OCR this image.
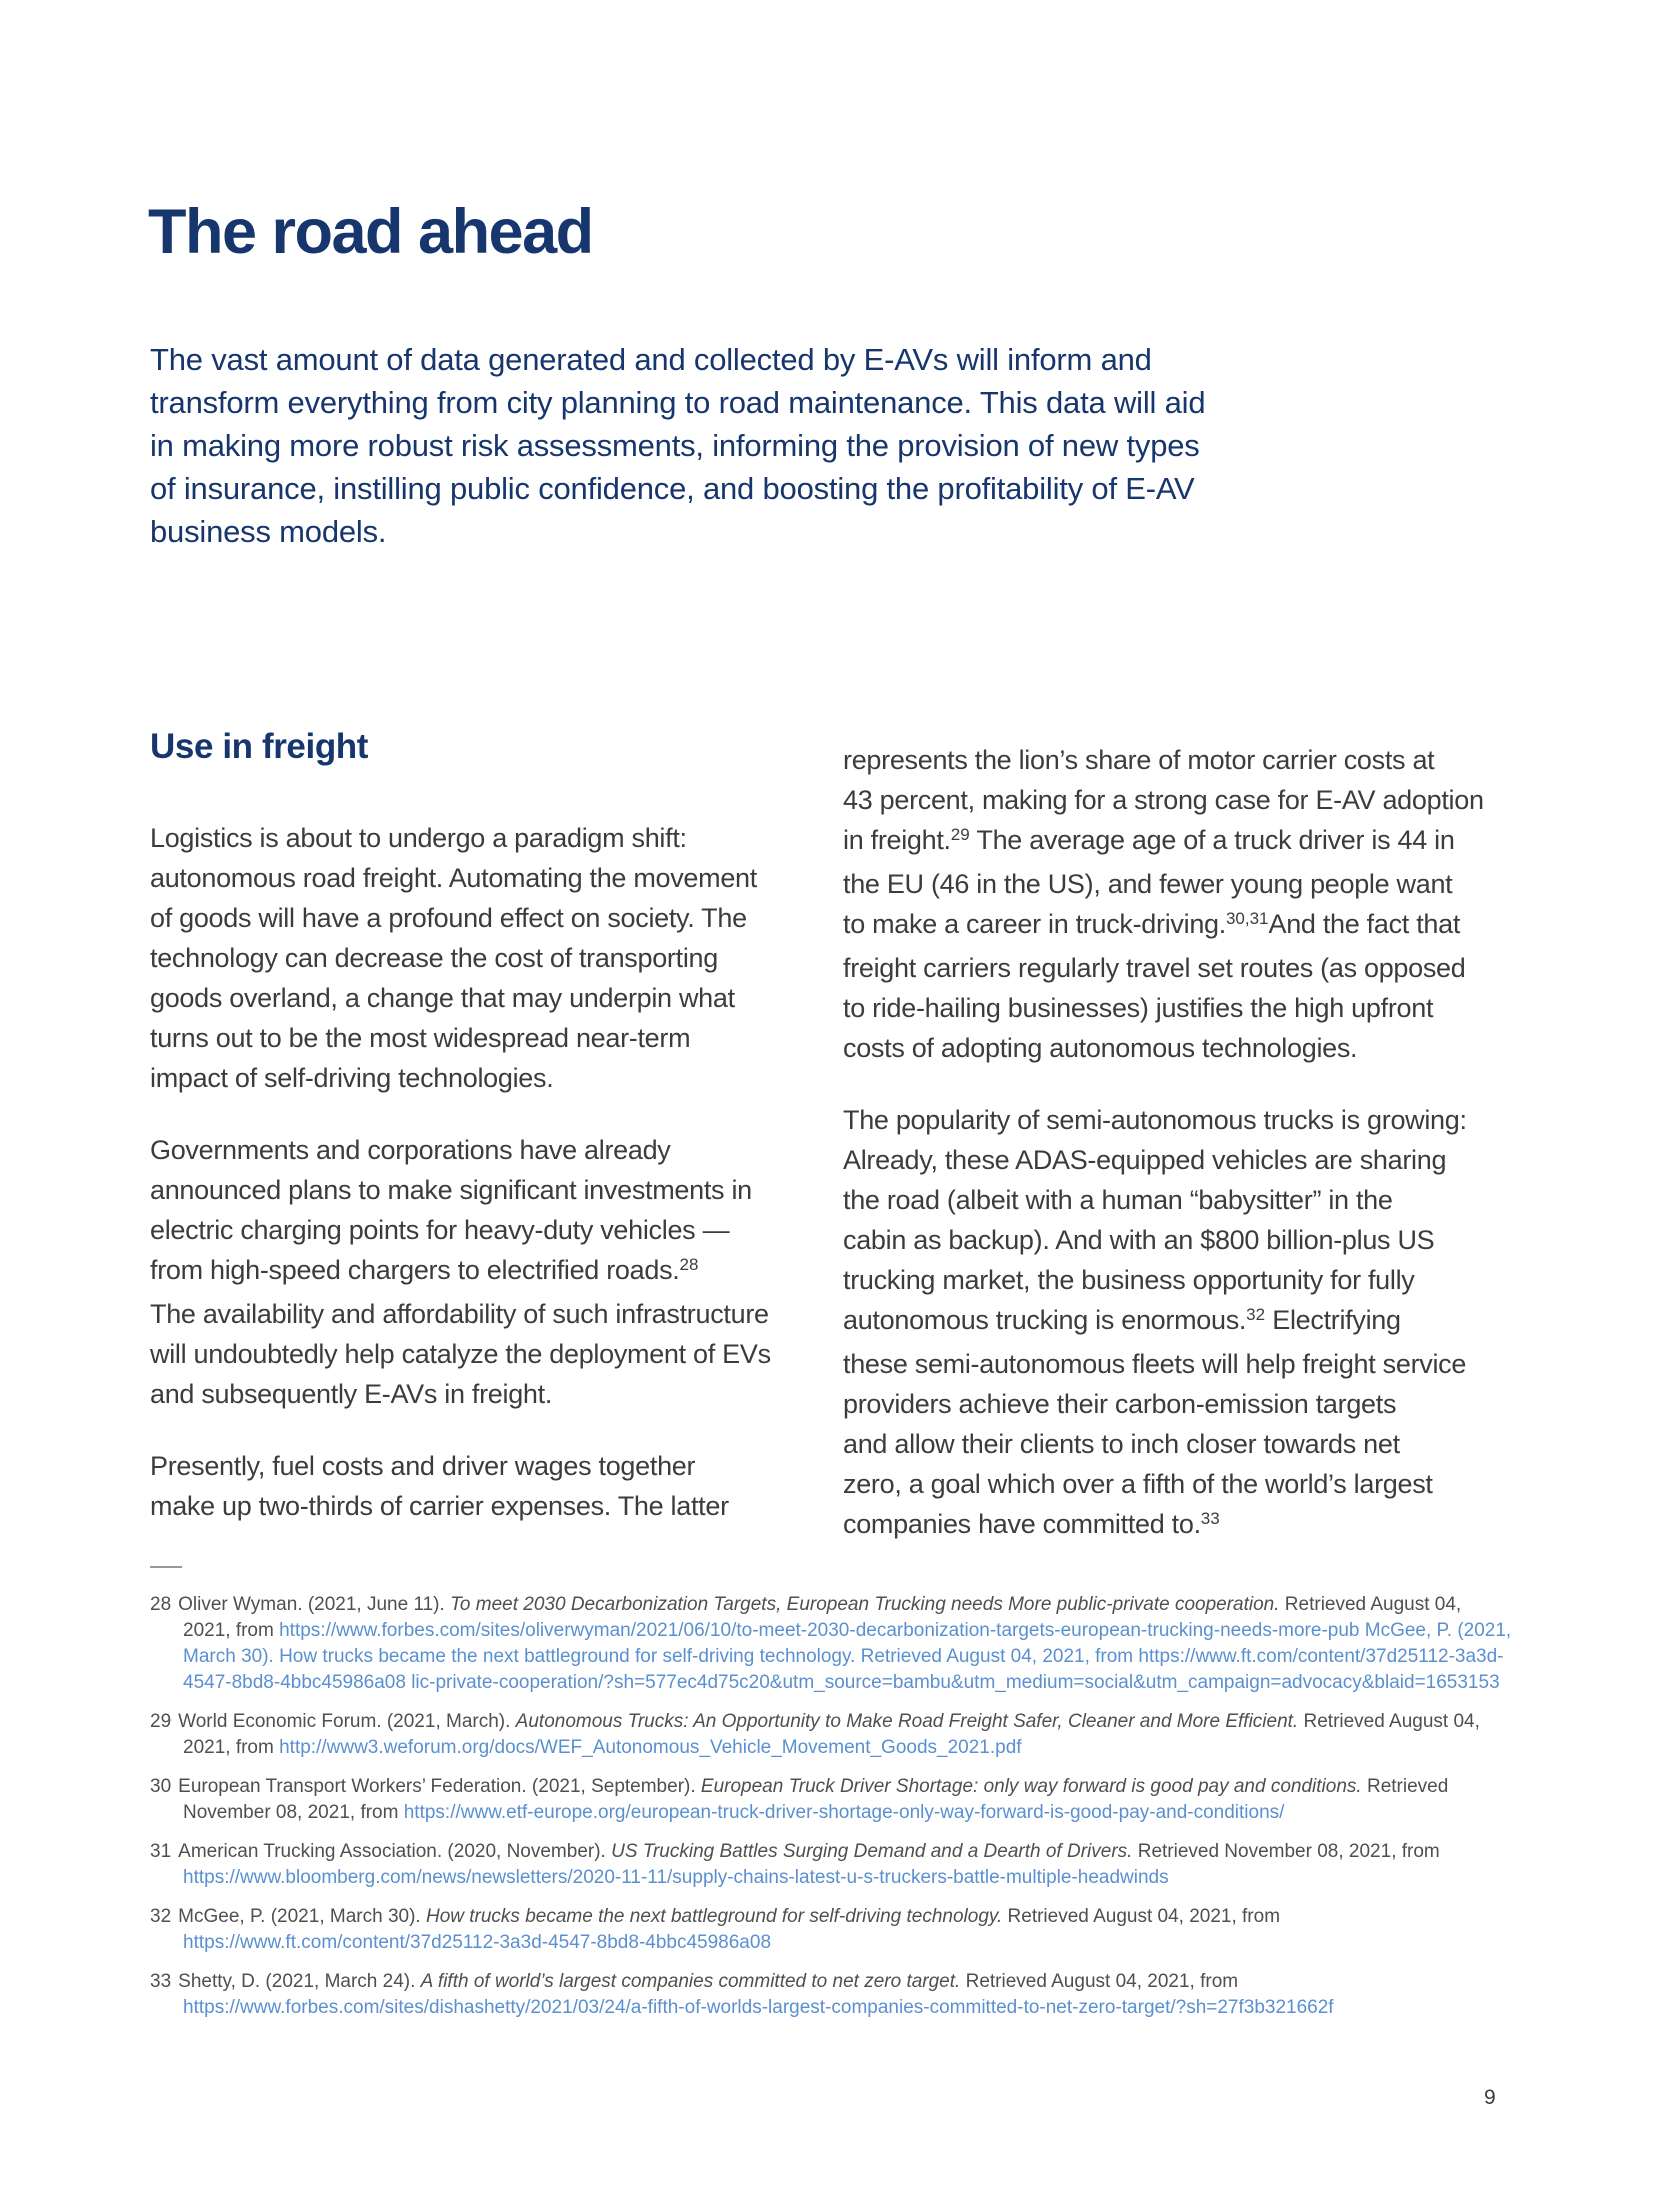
The road ahead
The vast amount of data generated and collected by E-AVs will inform and
transform everything from city planning to road maintenance. This data will aid
in making more robust risk assessments, informing the provision of new types
of insurance, instilling public confidence, and boosting the profitability of E-AV
business models.
Use in freight
Logistics is about to undergo a paradigm shift:
autonomous road freight. Automating the movement
of goods will have a profound effect on society. The
technology can decrease the cost of transporting
goods overland, a change that may underpin what
turns out to be the most widespread near-term
impact of self-driving technologies.
Governments and corporations have already
announced plans to make significant investments in
electric charging points for heavy-duty vehicles —
from high-speed chargers to electrified roads.$^{28}$
The availability and affordability of such infrastructure
will undoubtedly help catalyze the deployment of EVs
and subsequently E-AVs in freight.
Presently, fuel costs and driver wages together
make up two-thirds of carrier expenses. The latter
represents the lion’s share of motor carrier costs at
43 percent, making for a strong case for E-AV adoption
in freight.$^{29}$ The average age of a truck driver is 44 in
the EU (46 in the US), and fewer young people want
to make a career in truck-driving.$^{30,31}$And the fact that
freight carriers regularly travel set routes (as opposed
to ride-hailing businesses) justifies the high upfront
costs of adopting autonomous technologies.
The popularity of semi-autonomous trucks is growing:
Already, these ADAS-equipped vehicles are sharing
the road (albeit with a human “babysitter” in the
cabin as backup). And with an $800 billion-plus US
trucking market, the business opportunity for fully
autonomous trucking is enormous.$^{32}$ Electrifying
these semi-autonomous fleets will help freight service
providers achieve their carbon-emission targets
and allow their clients to inch closer towards net
zero, a goal which over a fifth of the world’s largest
companies have committed to.$^{33}$
28 Oliver Wyman. (2021, June 11). To meet 2030 Decarbonization Targets, European Trucking needs More public-private cooperation. Retrieved August 04, 2021, from https://www.forbes.com/sites/oliverwyman/2021/06/10/to-meet-2030-decarbonization-targets-european-trucking-needs-more-pub McGee, P. (2021, March 30). How trucks became the next battleground for self-driving technology. Retrieved August 04, 2021, from https://www.ft.com/content/37d25112-3a3d-4547-8bd8-4bbc45986a08 lic-private-cooperation/?sh=577ec4d75c20&utm_source=bambu&utm_medium=social&utm_campaign=advocacy&blaid=1653153
29 World Economic Forum. (2021, March). Autonomous Trucks: An Opportunity to Make Road Freight Safer, Cleaner and More Efficient. Retrieved August 04, 2021, from http://www3.weforum.org/docs/WEF_Autonomous_Vehicle_Movement_Goods_2021.pdf
30 European Transport Workers’ Federation. (2021, September). European Truck Driver Shortage: only way forward is good pay and conditions. Retrieved November 08, 2021, from https://www.etf-europe.org/european-truck-driver-shortage-only-way-forward-is-good-pay-and-conditions/
31 American Trucking Association. (2020, November). US Trucking Battles Surging Demand and a Dearth of Drivers. Retrieved November 08, 2021, from https://www.bloomberg.com/news/newsletters/2020-11-11/supply-chains-latest-u-s-truckers-battle-multiple-headwinds
32 McGee, P. (2021, March 30). How trucks became the next battleground for self-driving technology. Retrieved August 04, 2021, from https://www.ft.com/content/37d25112-3a3d-4547-8bd8-4bbc45986a08
33 Shetty, D. (2021, March 24). A fifth of world’s largest companies committed to net zero target. Retrieved August 04, 2021, from https://www.forbes.com/sites/dishashetty/2021/03/24/a-fifth-of-worlds-largest-companies-committed-to-net-zero-target/?sh=27f3b321662f
9
